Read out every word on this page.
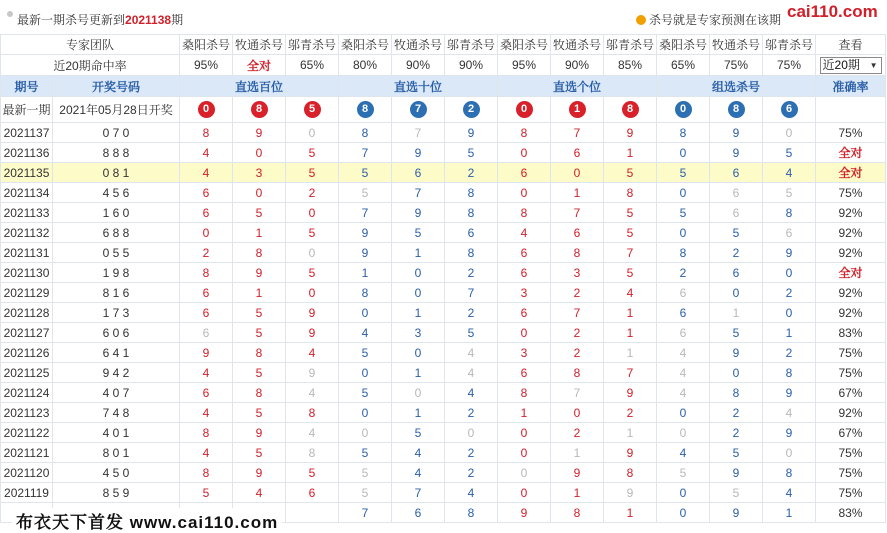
最新一期杀号更新到2021138期	杀号就是专家预测在该期 cai110.com
专家团队		桑阳杀号	牧通杀号	邬青杀号	桑阳杀号	牧通杀号	邬青杀号	桑阳杀号	牧通杀号	邬青杀号	桑阳杀号	牧通杀号	邬青杀号	查看
近20期命中率		95%	全对	65%	80%	90%	90%	95%	90%	85%	65%	75%	75%	近20期 ▼

期号	开奖号码	直选百位			直选十位			直选个位			组选杀号			准确率
最新一期	2021年05月28日开奖	0	8	5	8	7	2	0	1	8	0	8	6	
2021137	0 7 0	8	9	0	8	7	9	8	7	9	8	9	0	75%
2021136	8 8 8	4	0	5	7	9	5	0	6	1	0	9	5	全对
2021135	0 8 1	4	3	5	5	6	2	6	0	5	5	6	4	全对
2021134	4 5 6	6	0	2	5	7	8	0	1	8	0	6	5	75%
2021133	1 6 0	6	5	0	7	9	8	8	7	5	5	6	8	92%
2021132	6 8 8	0	1	5	9	5	6	4	6	5	0	5	6	92%
2021131	0 5 5	2	8	0	9	1	8	6	8	7	8	2	9	92%
2021130	1 9 8	8	9	5	1	0	2	6	3	5	2	6	0	全对
2021129	8 1 6	6	1	0	8	0	7	3	2	4	6	0	2	92%
2021128	1 7 3	6	5	9	0	1	2	6	7	1	6	1	0	92%
2021127	6 0 6	6	5	9	4	3	5	0	2	1	6	5	1	83%
2021126	6 4 1	9	8	4	5	0	4	3	2	1	4	9	2	75%
2021125	9 4 2	4	5	9	0	1	4	6	8	7	4	0	8	75%
2021124	4 0 7	6	8	4	5	0	4	8	7	9	4	8	9	67%
2021123	7 4 8	4	5	8	0	1	2	1	0	2	0	2	4	92%
2021122	4 0 1	8	9	4	0	5	0	0	2	1	0	2	9	67%
2021121	8 0 1	4	5	8	5	4	2	0	1	9	4	5	0	75%
2021120	4 5 0	8	9	5	5	4	2	0	9	8	5	9	8	75%
2021119	8 5 9	5	4	6	5	7	4	0	1	9	0	5	4	75%
					7	6	8	9	8	1	0	9	1	83%
布衣天下首发 www.cai110.com
